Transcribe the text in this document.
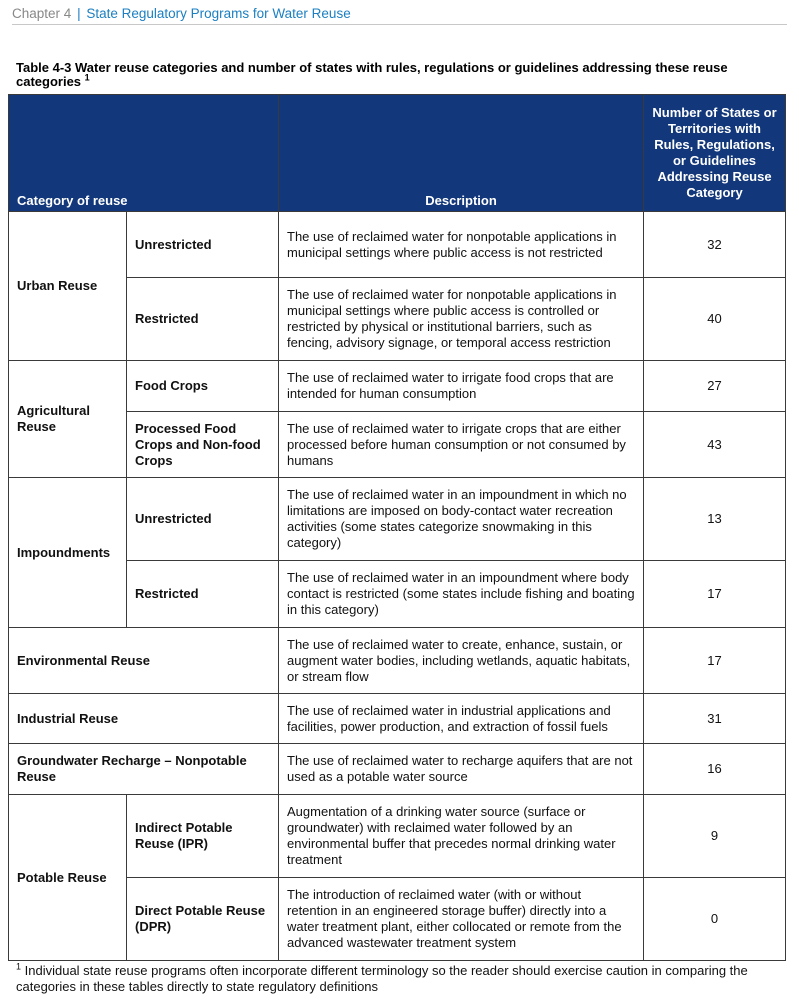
Chapter 4 | State Regulatory Programs for Water Reuse
Table 4-3 Water reuse categories and number of states with rules, regulations or guidelines addressing these reuse categories $^1$
Category of reuse		Description	Number of States or Territories with Rules, Regulations, or Guidelines Addressing Reuse Category
Urban Reuse	Unrestricted	The use of reclaimed water for nonpotable applications in municipal settings where public access is not restricted	32
	Restricted	The use of reclaimed water for nonpotable applications in municipal settings where public access is controlled or restricted by physical or institutional barriers, such as fencing, advisory signage, or temporal access restriction	40
Agricultural Reuse	Food Crops	The use of reclaimed water to irrigate food crops that are intended for human consumption	27
	Processed Food Crops and Non-food Crops	The use of reclaimed water to irrigate crops that are either processed before human consumption or not consumed by humans	43
Impoundments	Unrestricted	The use of reclaimed water in an impoundment in which no limitations are imposed on body-contact water recreation activities (some states categorize snowmaking in this category)	13
	Restricted	The use of reclaimed water in an impoundment where body contact is restricted (some states include fishing and boating in this category)	17
Environmental Reuse		The use of reclaimed water to create, enhance, sustain, or augment water bodies, including wetlands, aquatic habitats, or stream flow	17
Industrial Reuse		The use of reclaimed water in industrial applications and facilities, power production, and extraction of fossil fuels	31
Groundwater Recharge – Nonpotable Reuse		The use of reclaimed water to recharge aquifers that are not used as a potable water source	16
Potable Reuse	Indirect Potable Reuse (IPR)	Augmentation of a drinking water source (surface or groundwater) with reclaimed water followed by an environmental buffer that precedes normal drinking water treatment	9
	Direct Potable Reuse (DPR)	The introduction of reclaimed water (with or without retention in an engineered storage buffer) directly into a water treatment plant, either collocated or remote from the advanced wastewater treatment system	0
$^1$ Individual state reuse programs often incorporate different terminology so the reader should exercise caution in comparing the categories in these tables directly to state regulatory definitions
